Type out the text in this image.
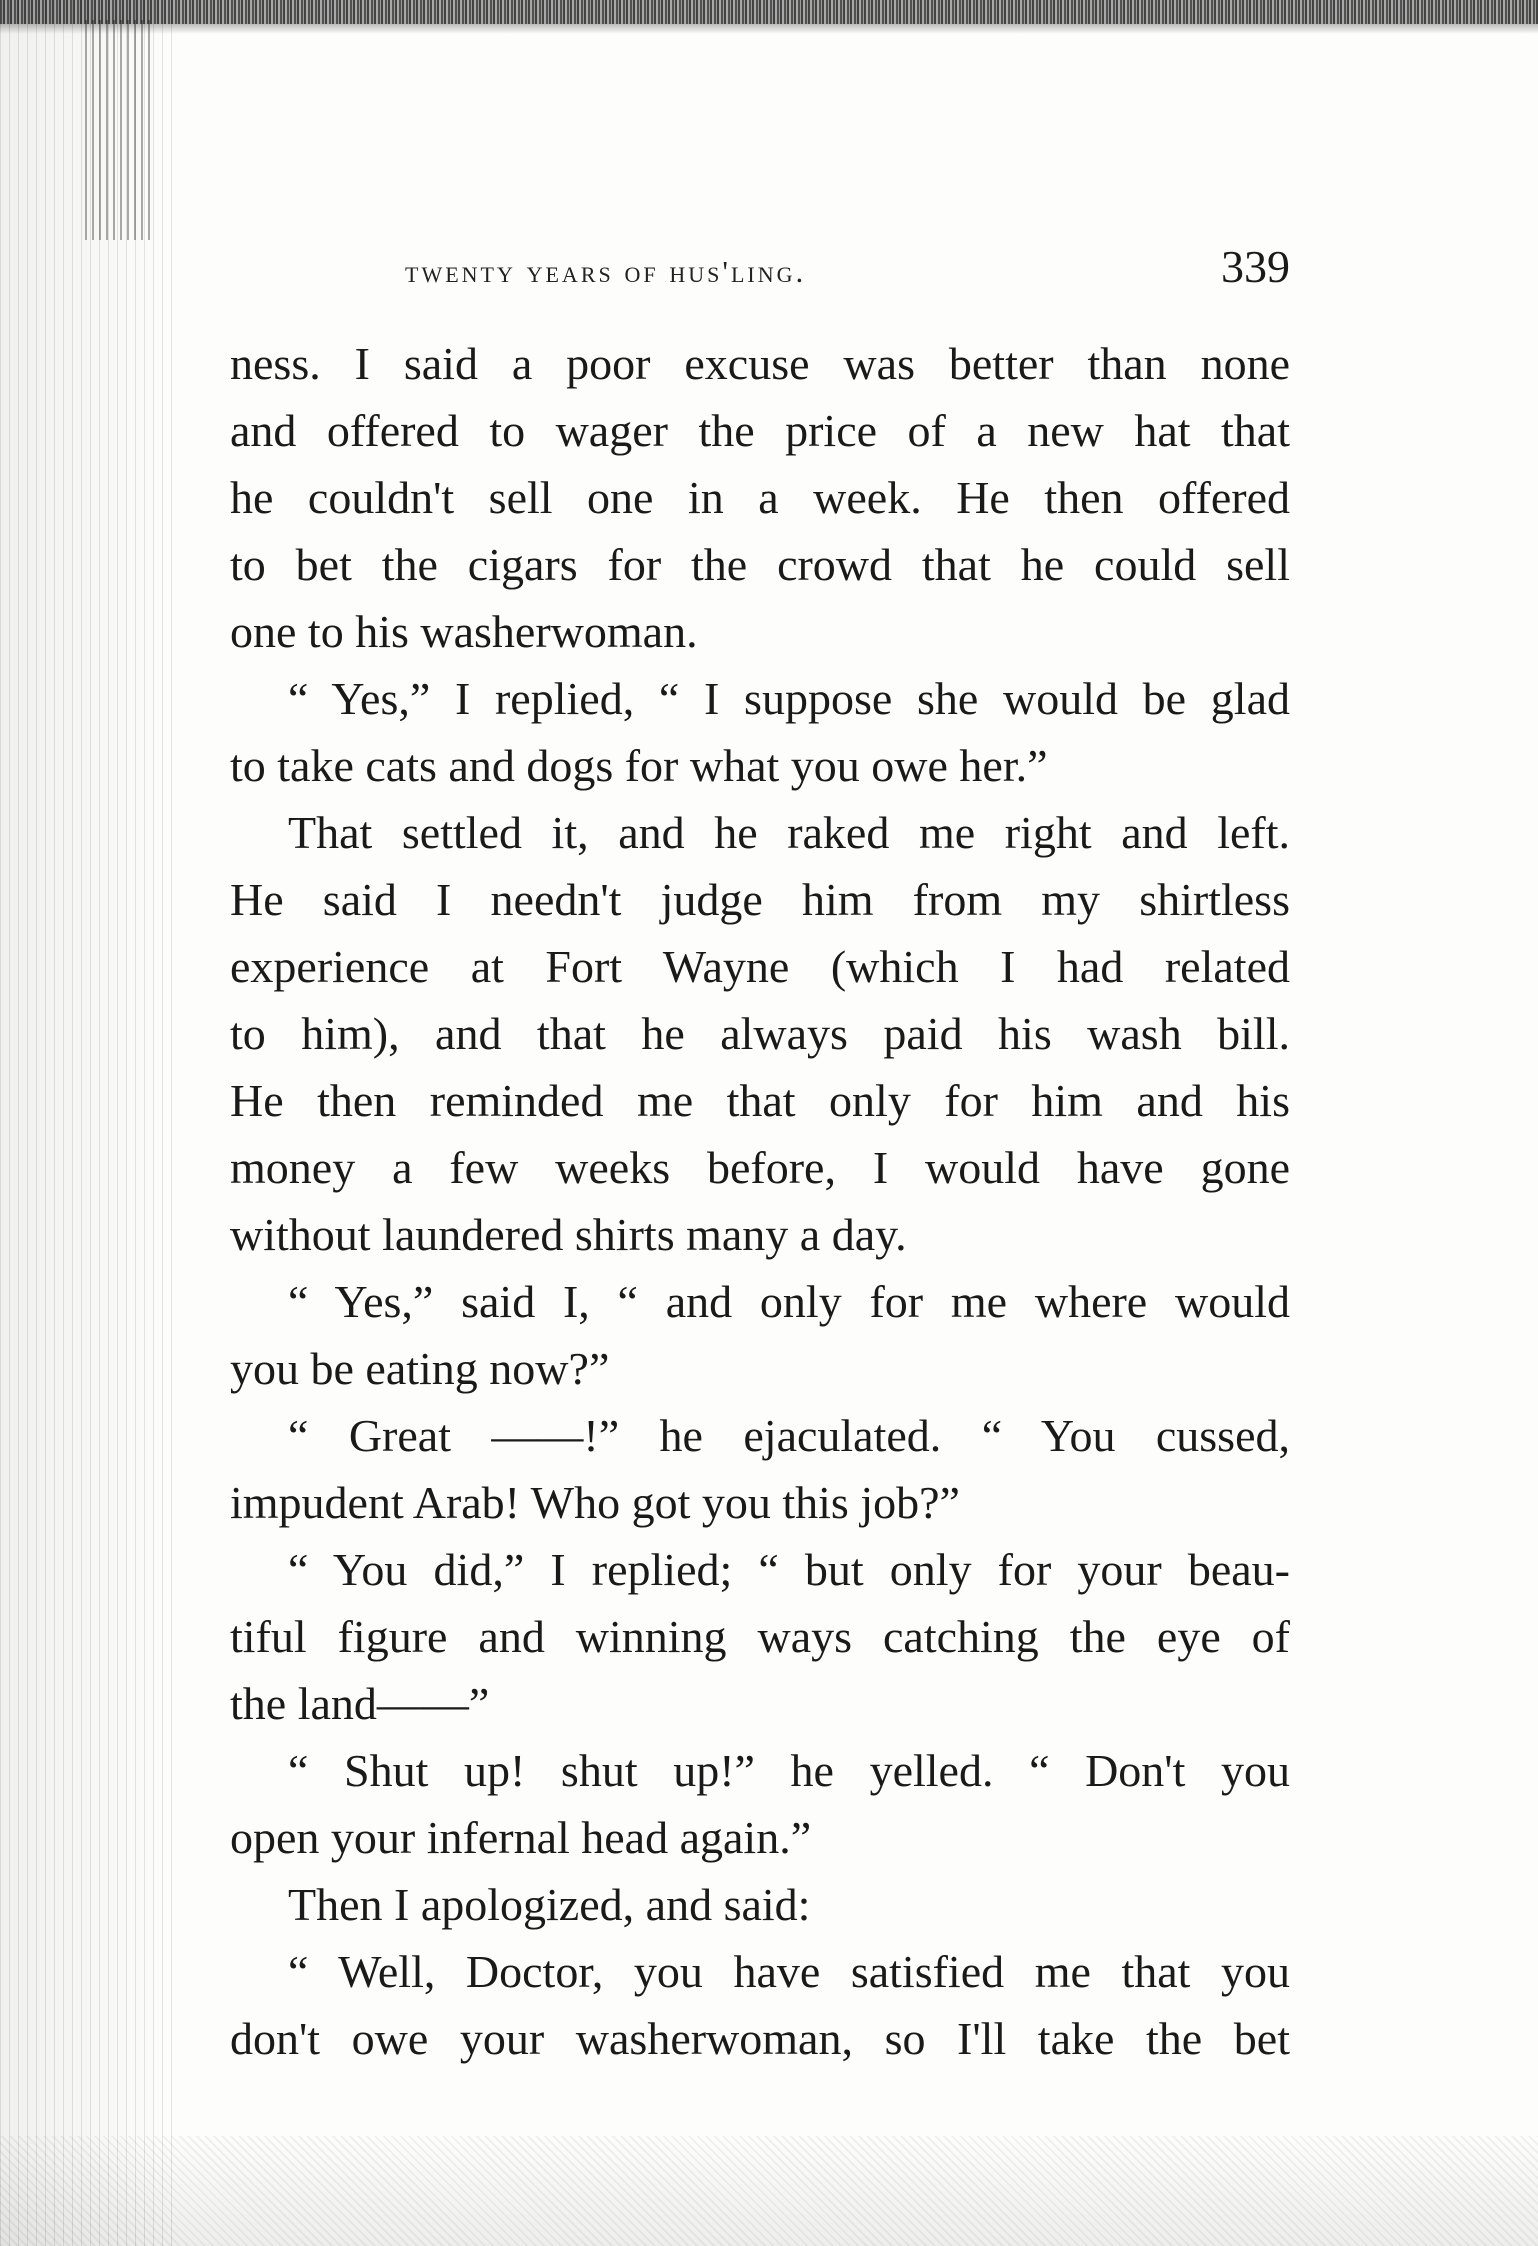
twenty years of hus'ling.	339
ness. I said a poor excuse was better than none
and offered to wager the price of a new hat that
he couldn't sell one in a week. He then offered
to bet the cigars for the crowd that he could sell
one to his washerwoman.
“ Yes,” I replied, “ I suppose she would be glad
to take cats and dogs for what you owe her.”
That settled it, and he raked me right and left.
He said I needn't judge him from my shirtless
experience at Fort Wayne (which I had related
to him), and that he always paid his wash bill.
He then reminded me that only for him and his
money a few weeks before, I would have gone
without laundered shirts many a day.
“ Yes,” said I, “ and only for me where would
you be eating now?”
“ Great ——!” he ejaculated. “ You cussed,
impudent Arab! Who got you this job?”
“ You did,” I replied; “ but only for your beau-
tiful figure and winning ways catching the eye of
the land——”
“ Shut up! shut up!” he yelled. “ Don't you
open your infernal head again.”
Then I apologized, and said:
“ Well, Doctor, you have satisfied me that you
don't owe your washerwoman, so I'll take the bet
